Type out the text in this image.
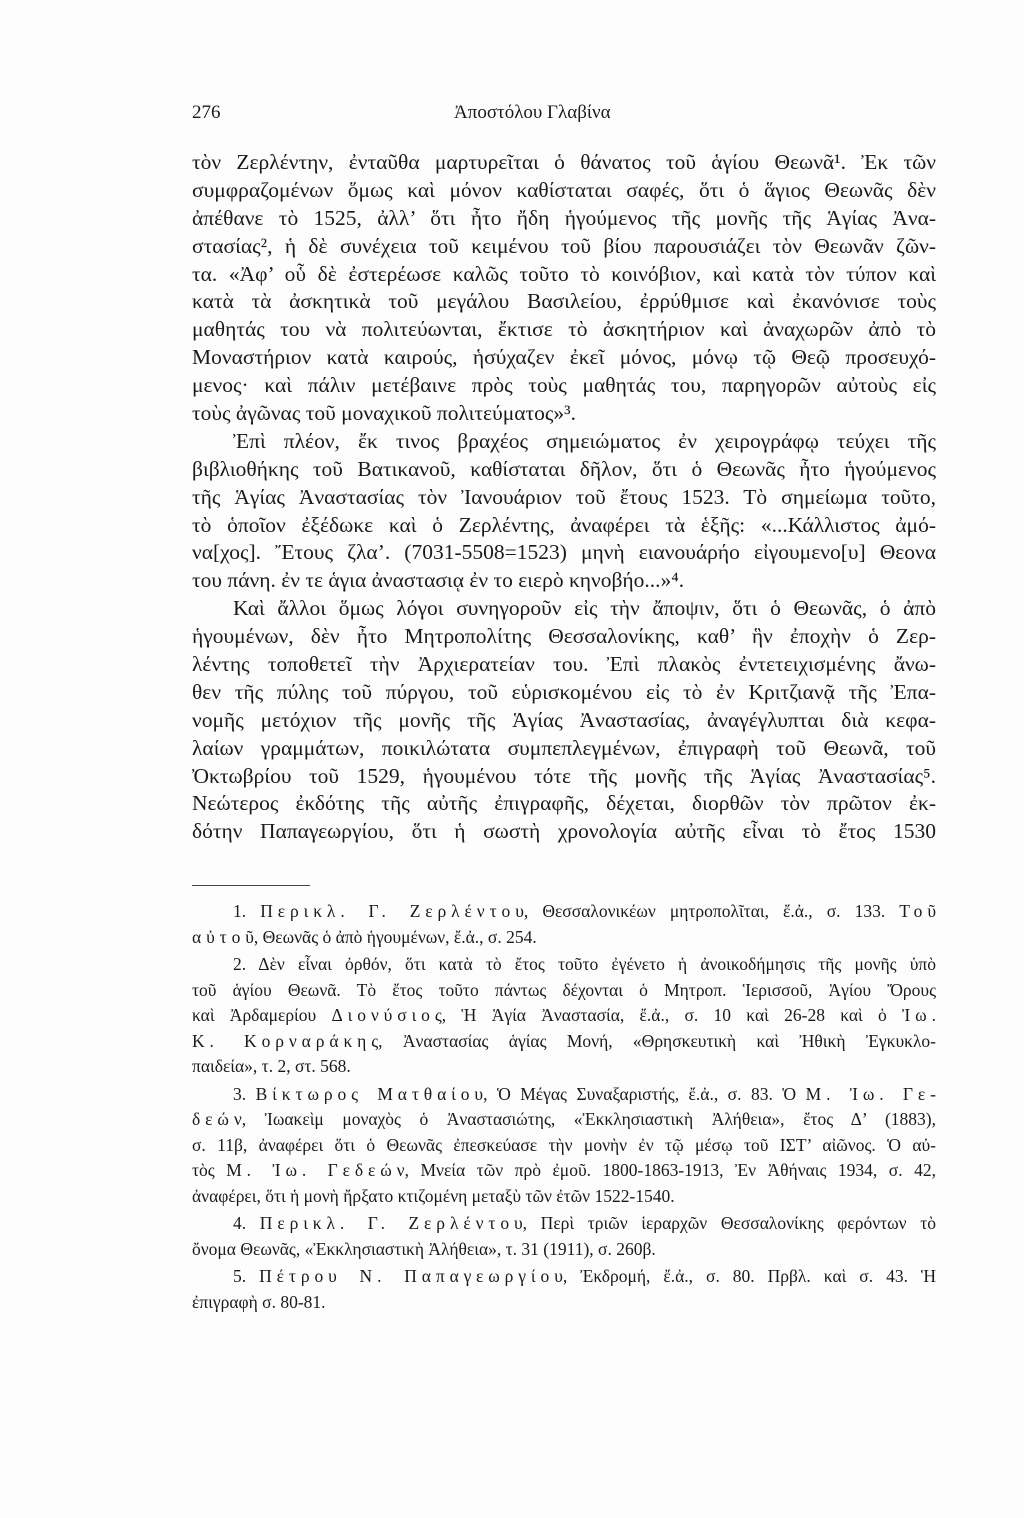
276	Ἀποστόλου Γλαβίνα
τὸν Ζερλέντην, ἐνταῦθα μαρτυρεῖται ὁ θάνατος τοῦ ἁγίου Θεωνᾶ¹. Ἐκ τῶν
συμφραζομένων ὅμως καὶ μόνον καθίσταται σαφές, ὅτι ὁ ἅγιος Θεωνᾶς δὲν
ἀπέθανε τὸ 1525, ἀλλ’ ὅτι ἦτο ἤδη ἡγούμενος τῆς μονῆς τῆς Ἁγίας Ἀνα-
στασίας², ἡ δὲ συνέχεια τοῦ κειμένου τοῦ βίου παρουσιάζει τὸν Θεωνᾶν ζῶν-
τα. «Ἀφ’ οὗ δὲ ἐστερέωσε καλῶς τοῦτο τὸ κοινόβιον, καὶ κατὰ τὸν τύπον καὶ
κατὰ τὰ ἀσκητικὰ τοῦ μεγάλου Βασιλείου, ἐρρύθμισε καὶ ἐκανόνισε τοὺς
μαθητάς του νὰ πολιτεύωνται, ἔκτισε τὸ ἀσκητήριον καὶ ἀναχωρῶν ἀπὸ τὸ
Μοναστήριον κατὰ καιρούς, ἡσύχαζεν ἐκεῖ μόνος, μόνῳ τῷ Θεῷ προσευχό-
μενος· καὶ πάλιν μετέβαινε πρὸς τοὺς μαθητάς του, παρηγορῶν αὐτοὺς εἰς
τοὺς ἀγῶνας τοῦ μοναχικοῦ πολιτεύματος»³.
Ἐπὶ πλέον, ἔκ τινος βραχέος σημειώματος ἐν χειρογράφῳ τεύχει τῆς
βιβλιοθήκης τοῦ Βατικανοῦ, καθίσταται δῆλον, ὅτι ὁ Θεωνᾶς ἦτο ἡγούμενος
τῆς Ἁγίας Ἀναστασίας τὸν Ἰανουάριον τοῦ ἔτους 1523. Τὸ σημείωμα τοῦτο,
τὸ ὁποῖον ἐξέδωκε καὶ ὁ Ζερλέντης, ἀναφέρει τὰ ἑξῆς: «...Κάλλιστος ἀμό-
να[χος]. Ἔτους ζλα’. (7031-5508=1523) μηνὴ ειανουάρήο εἰγουμενο[υ] Θεονα
του πάνη. ἐν τε ἁγια ἀναστασιᾳ ἐν το ειερὸ κηνοβήο...»⁴.
Καὶ ἄλλοι ὅμως λόγοι συνηγοροῦν εἰς τὴν ἄποψιν, ὅτι ὁ Θεωνᾶς, ὁ ἀπὸ
ἡγουμένων, δὲν ἦτο Μητροπολίτης Θεσσαλονίκης, καθ’ ἣν ἐποχὴν ὁ Ζερ-
λέντης τοποθετεῖ τὴν Ἀρχιερατείαν του. Ἐπὶ πλακὸς ἐντετειχισμένης ἄνω-
θεν τῆς πύλης τοῦ πύργου, τοῦ εὑρισκομένου εἰς τὸ ἐν Κριτζιανᾷ τῆς Ἐπα-
νομῆς μετόχιον τῆς μονῆς τῆς Ἁγίας Ἀναστασίας, ἀναγέγλυπται διὰ κεφα-
λαίων γραμμάτων, ποικιλώτατα συμπεπλεγμένων, ἐπιγραφὴ τοῦ Θεωνᾶ, τοῦ
Ὀκτωβρίου τοῦ 1529, ἡγουμένου τότε τῆς μονῆς τῆς Ἁγίας Ἀναστασίας⁵.
Νεώτερος ἐκδότης τῆς αὐτῆς ἐπιγραφῆς, δέχεται, διορθῶν τὸν πρῶτον ἐκ-
δότην Παπαγεωργίου, ὅτι ἡ σωστὴ χρονολογία αὐτῆς εἶναι τὸ ἔτος 1530
1. Περικλ. Γ. Ζερλέντου, Θεσσαλονικέων μητροπολῖται, ἔ.ἀ., σ. 133. Τοῦ
αὐτοῦ, Θεωνᾶς ὁ ἀπὸ ἡγουμένων, ἔ.ἀ., σ. 254.
2. Δὲν εἶναι ὀρθόν, ὅτι κατὰ τὸ ἔτος τοῦτο ἐγένετο ἡ ἀνοικοδήμησις τῆς μονῆς ὑπὸ
τοῦ ἁγίου Θεωνᾶ. Τὸ ἔτος τοῦτο πάντως δέχονται ὁ Μητροπ. Ἱερισσοῦ, Ἁγίου Ὄρους
καὶ Ἀρδαμερίου Διονύσιος, Ἡ Ἁγία Ἀναστασία, ἔ.ἀ., σ. 10 καὶ 26-28 καὶ ὁ Ἰω.
Κ. Κορναράκης, Ἀναστασίας ἁγίας Μονή, «Θρησκευτικὴ καὶ Ἠθικὴ Ἐγκυκλο-
παιδεία», τ. 2, στ. 568.
3. Βίκτωρος Ματθαίου, Ὁ Μέγας Συναξαριστής, ἔ.ἀ., σ. 83. Ὁ Μ. Ἰω. Γε-
δεών, Ἰωακεὶμ μοναχὸς ὁ Ἀναστασιώτης, «Ἐκκλησιαστικὴ Ἀλήθεια», ἔτος Δ’ (1883),
σ. 11β, ἀναφέρει ὅτι ὁ Θεωνᾶς ἐπεσκεύασε τὴν μονὴν ἐν τῷ μέσῳ τοῦ ΙΣΤ’ αἰῶνος. Ὁ αὐ-
τὸς Μ. Ἰω. Γεδεών, Μνεία τῶν πρὸ ἐμοῦ. 1800-1863-1913, Ἐν Ἀθήναις 1934, σ. 42,
ἀναφέρει, ὅτι ἡ μονὴ ἤρξατο κτιζομένη μεταξὺ τῶν ἐτῶν 1522-1540.
4. Περικλ. Γ. Ζερλέντου, Περὶ τριῶν ἱεραρχῶν Θεσσαλονίκης φερόντων τὸ
ὄνομα Θεωνᾶς, «Ἐκκλησιαστικὴ Ἀλήθεια», τ. 31 (1911), σ. 260β.
5. Πέτρου Ν. Παπαγεωργίου, Ἐκδρομή, ἔ.ἀ., σ. 80. Πρβλ. καὶ σ. 43. Ἡ
ἐπιγραφὴ σ. 80-81.
